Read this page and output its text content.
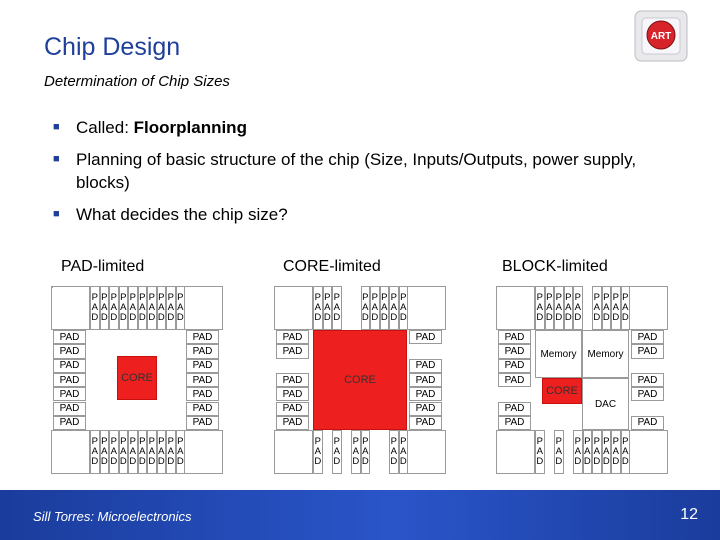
Chip Design
Determination of Chip Sizes
ART
■ Called: Floorplanning
■ Planning of basic structure of the chip (Size, Inputs/Outputs, power supply, blocks)
■ What decides the chip size?
PAD-limited	CORE-limited	BLOCK-limited
CORE
P
A
D
P
A
D
P
A
D
P
A
D
P
A
D
P
A
D
P
A
D
P
A
D
P
A
D
P
A
D
P
A
D
P
A
D
P
A
D
P
A
D
P
A
D
P
A
D
P
A
D
P
A
D
P
A
D
P
A
D
PAD
PAD
PAD
PAD
PAD
PAD
PAD
PAD
PAD
PAD
PAD
PAD
PAD
PAD
CORE
P
A
D
P
A
D
P
A
D
P
A
D
P
A
D
P
A
D
P
A
D
P
A
D
P
A
D
P
A
D
P
A
D
P
A
D
P
A
D
P
A
D
PAD
PAD
PAD
PAD
PAD
PAD
PAD
PAD
PAD
PAD
PAD
PAD
Memory	Memory
CORE
DAC
P
A
D
P
A
D
P
A
D
P
A
D
P
A
D
P
A
D
P
A
D
P
A
D
P
A
D
P
A
D
P
A
D
P
A
D
P
A
D
P
A
D
P
A
D
P
A
D
P
A
D
PAD
PAD
PAD
PAD
PAD
PAD
PAD
PAD
PAD
PAD
PAD
Sill Torres: Microelectronics	12
